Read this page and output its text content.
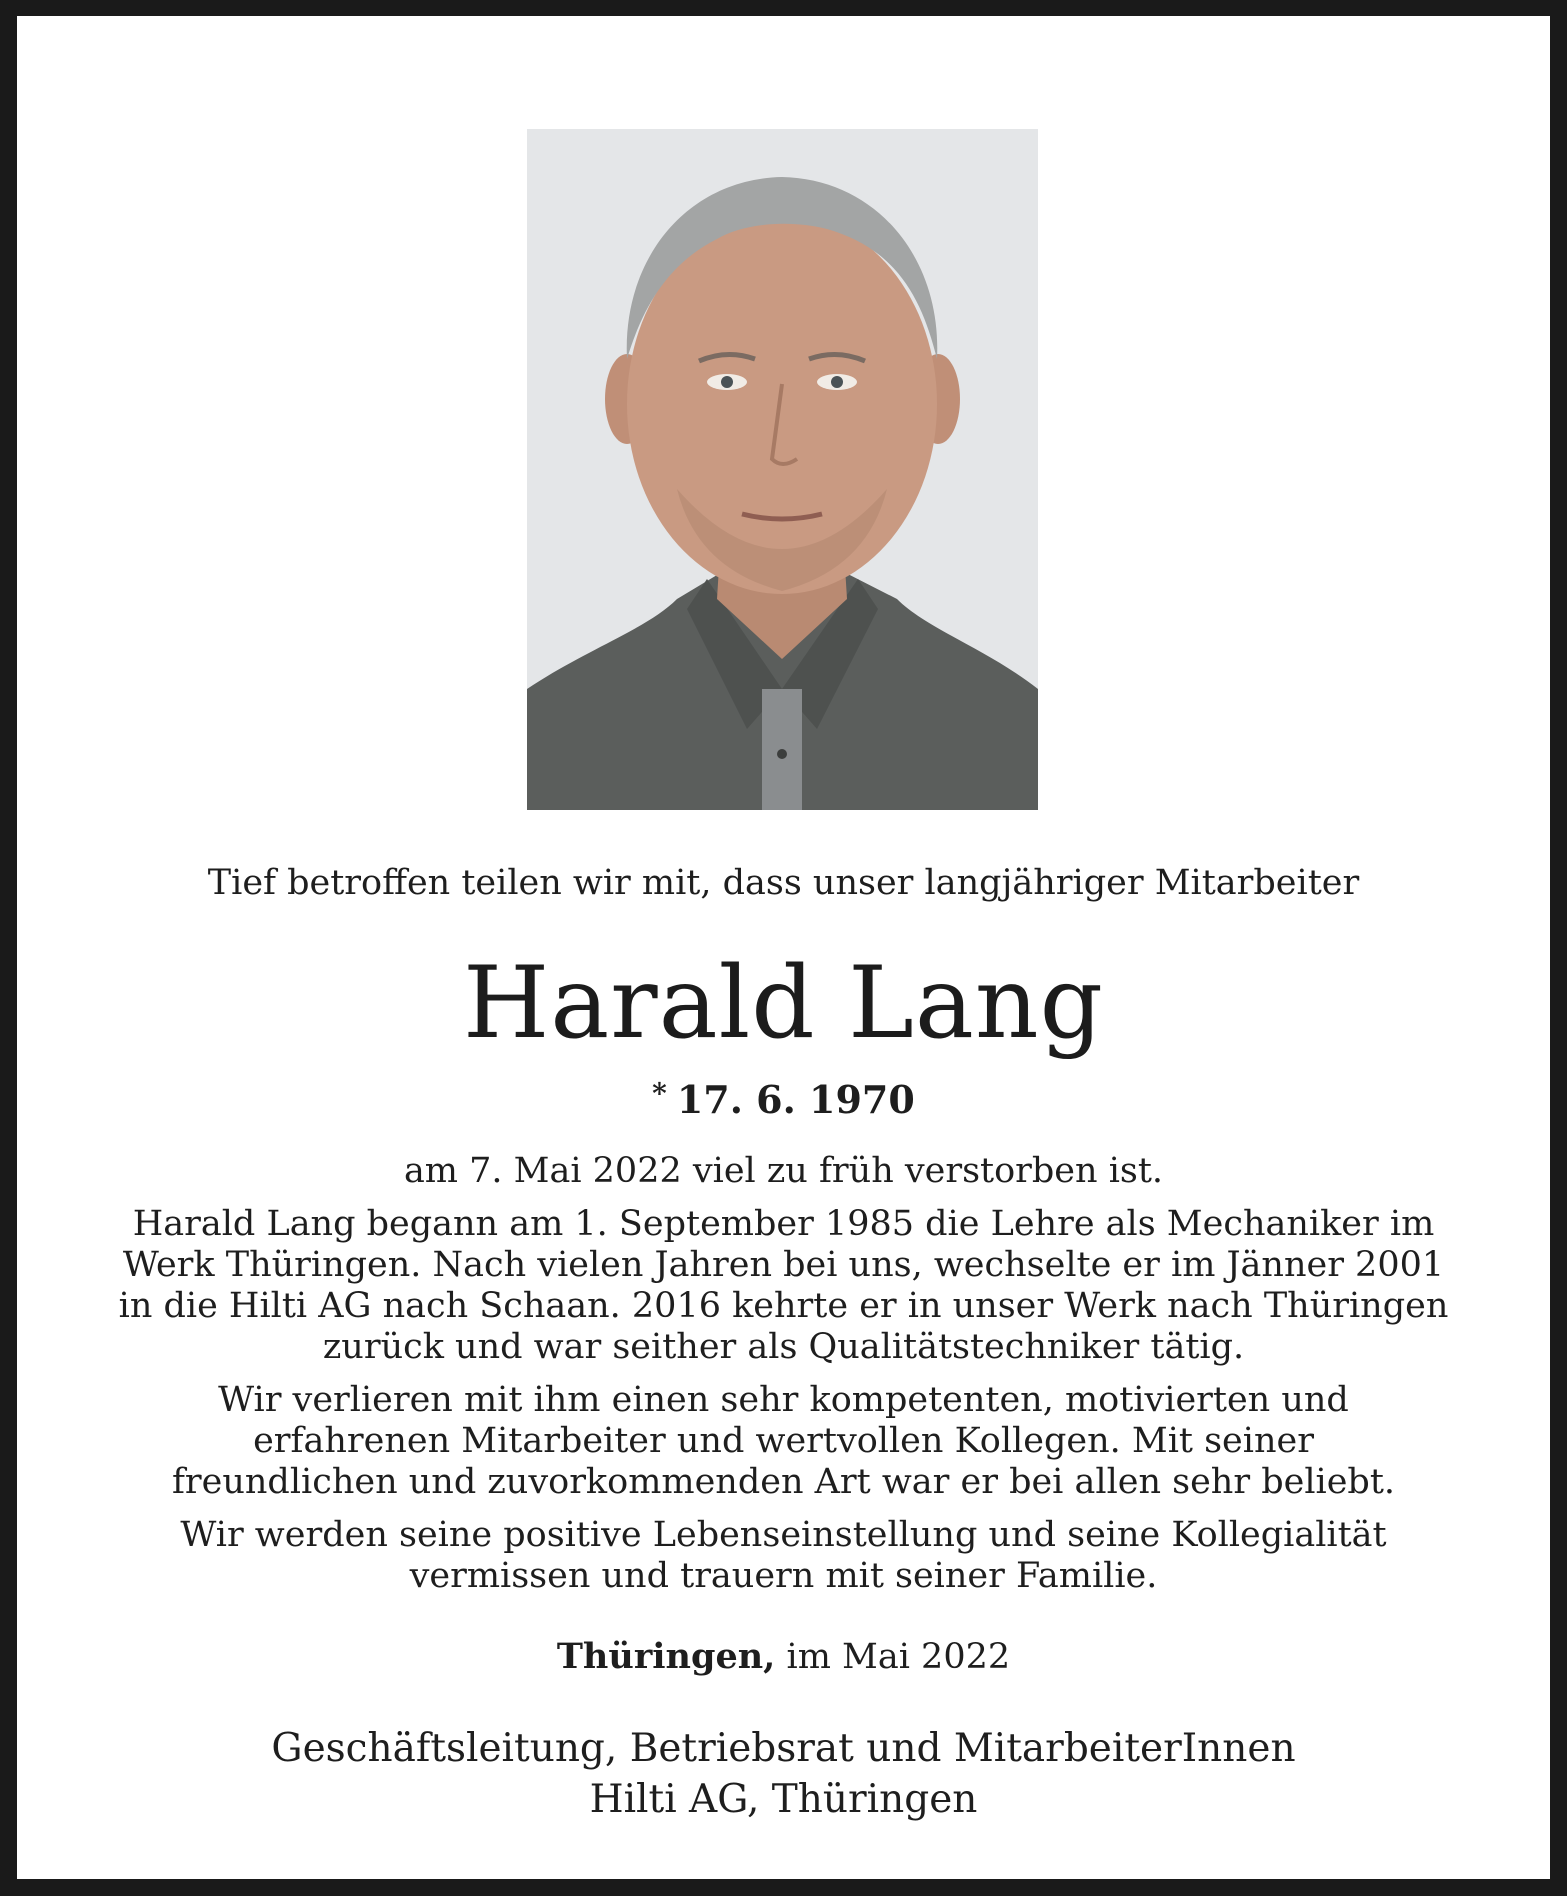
Tief betroffen teilen wir mit, dass unser langjähriger Mitarbeiter
Harald Lang
* 17. 6. 1970

am 7. Mai 2022 viel zu früh verstorben ist.

Harald Lang begann am 1. September 1985 die Lehre als Mechaniker im
Werk Thüringen. Nach vielen Jahren bei uns, wechselte er im Jänner 2001
in die Hilti AG nach Schaan. 2016 kehrte er in unser Werk nach Thüringen
zurück und war seither als Qualitätstechniker tätig.

Wir verlieren mit ihm einen sehr kompetenten, motivierten und
erfahrenen Mitarbeiter und wertvollen Kollegen. Mit seiner
freundlichen und zuvorkommenden Art war er bei allen sehr beliebt.

Wir werden seine positive Lebenseinstellung und seine Kollegialität
vermissen und trauern mit seiner Familie.

Thüringen, im Mai 2022
Geschäftsleitung, Betriebsrat und MitarbeiterInnen
Hilti AG, Thüringen
